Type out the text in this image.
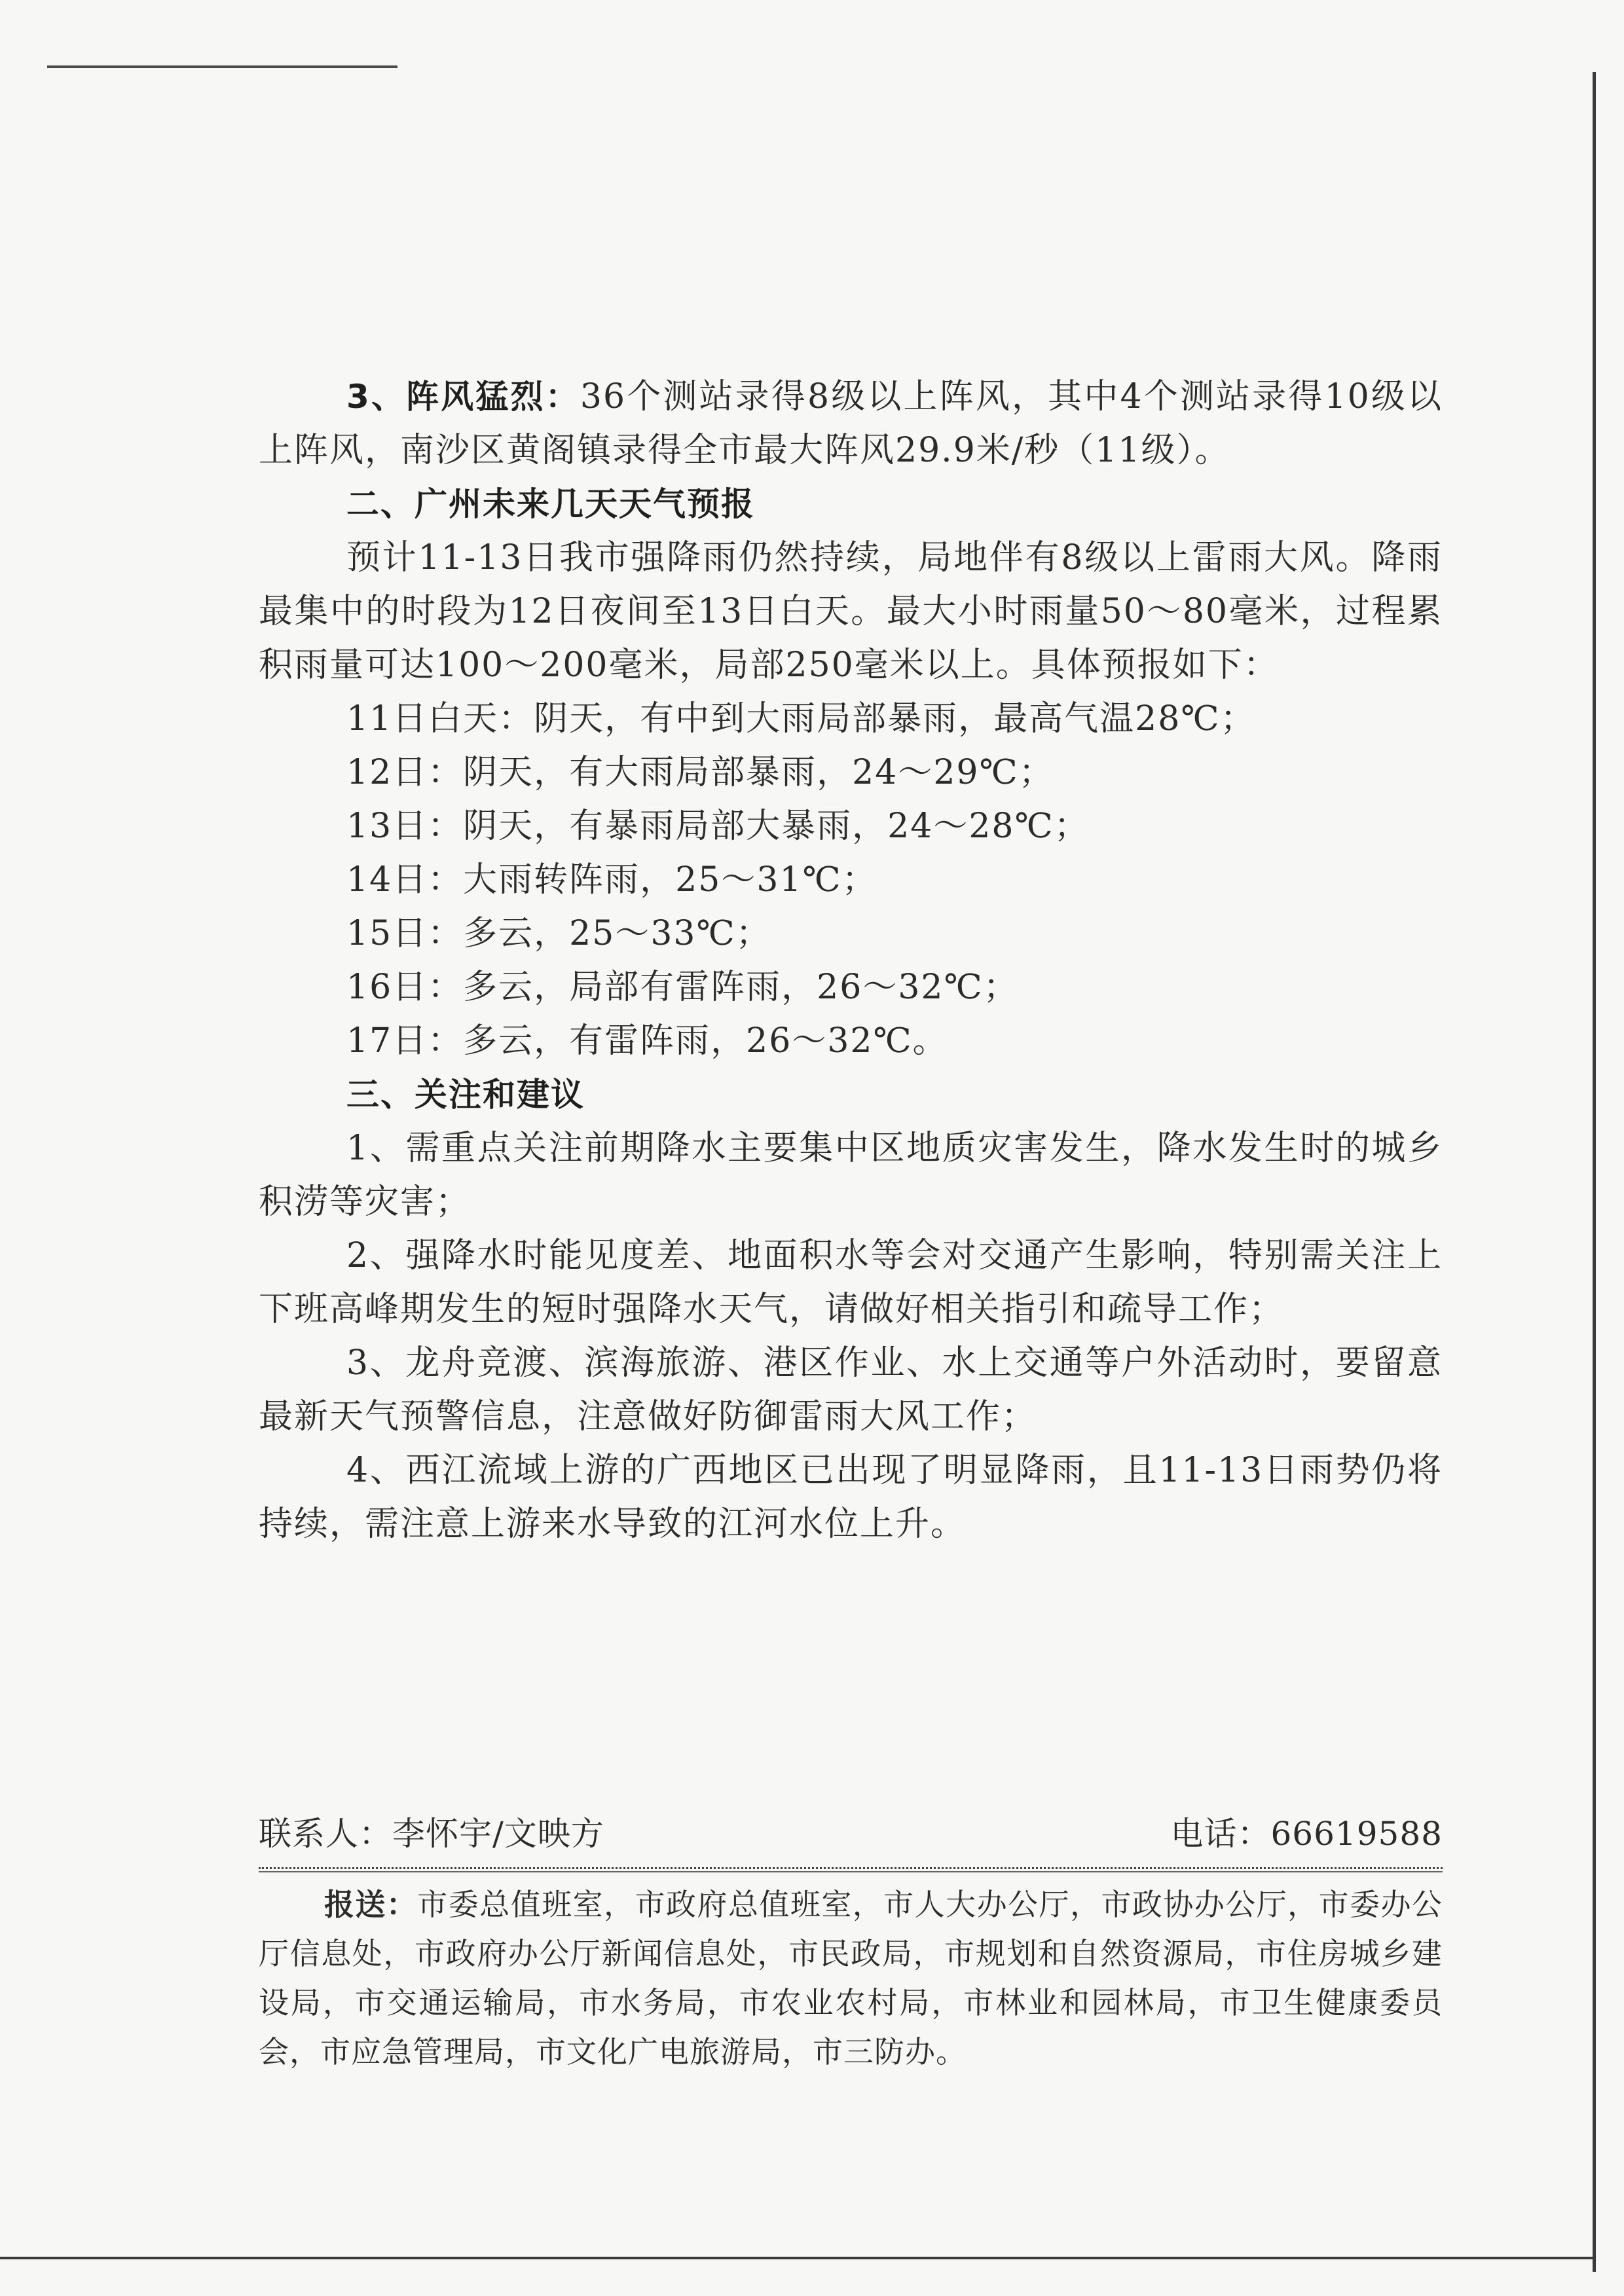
3、阵风猛烈：36个测站录得8级以上阵风，其中4个测站录得10级以上阵风，南沙区黄阁镇录得全市最大阵风29.9米/秒（11级）。

二、广州未来几天天气预报

预计11-13日我市强降雨仍然持续，局地伴有8级以上雷雨大风。降雨最集中的时段为12日夜间至13日白天。最大小时雨量50～80毫米，过程累积雨量可达100～200毫米，局部250毫米以上。具体预报如下：

11日白天：阴天，有中到大雨局部暴雨，最高气温28℃；

12日：阴天，有大雨局部暴雨，24～29℃；

13日：阴天，有暴雨局部大暴雨，24～28℃；

14日：大雨转阵雨，25～31℃；

15日：多云，25～33℃；

16日：多云，局部有雷阵雨，26～32℃；

17日：多云，有雷阵雨，26～32℃。

三、关注和建议

1、需重点关注前期降水主要集中区地质灾害发生，降水发生时的城乡积涝等灾害；

2、强降水时能见度差、地面积水等会对交通产生影响，特别需关注上下班高峰期发生的短时强降水天气，请做好相关指引和疏导工作；

3、龙舟竞渡、滨海旅游、港区作业、水上交通等户外活动时，要留意最新天气预警信息，注意做好防御雷雨大风工作；

4、西江流域上游的广西地区已出现了明显降雨，且11-13日雨势仍将持续，需注意上游来水导致的江河水位上升。

联系人：李怀宇/文映方	电话：66619588

报送：市委总值班室，市政府总值班室，市人大办公厅，市政协办公厅，市委办公厅信息处，市政府办公厅新闻信息处，市民政局，市规划和自然资源局，市住房城乡建设局，市交通运输局，市水务局，市农业农村局，市林业和园林局，市卫生健康委员会，市应急管理局，市文化广电旅游局，市三防办。
